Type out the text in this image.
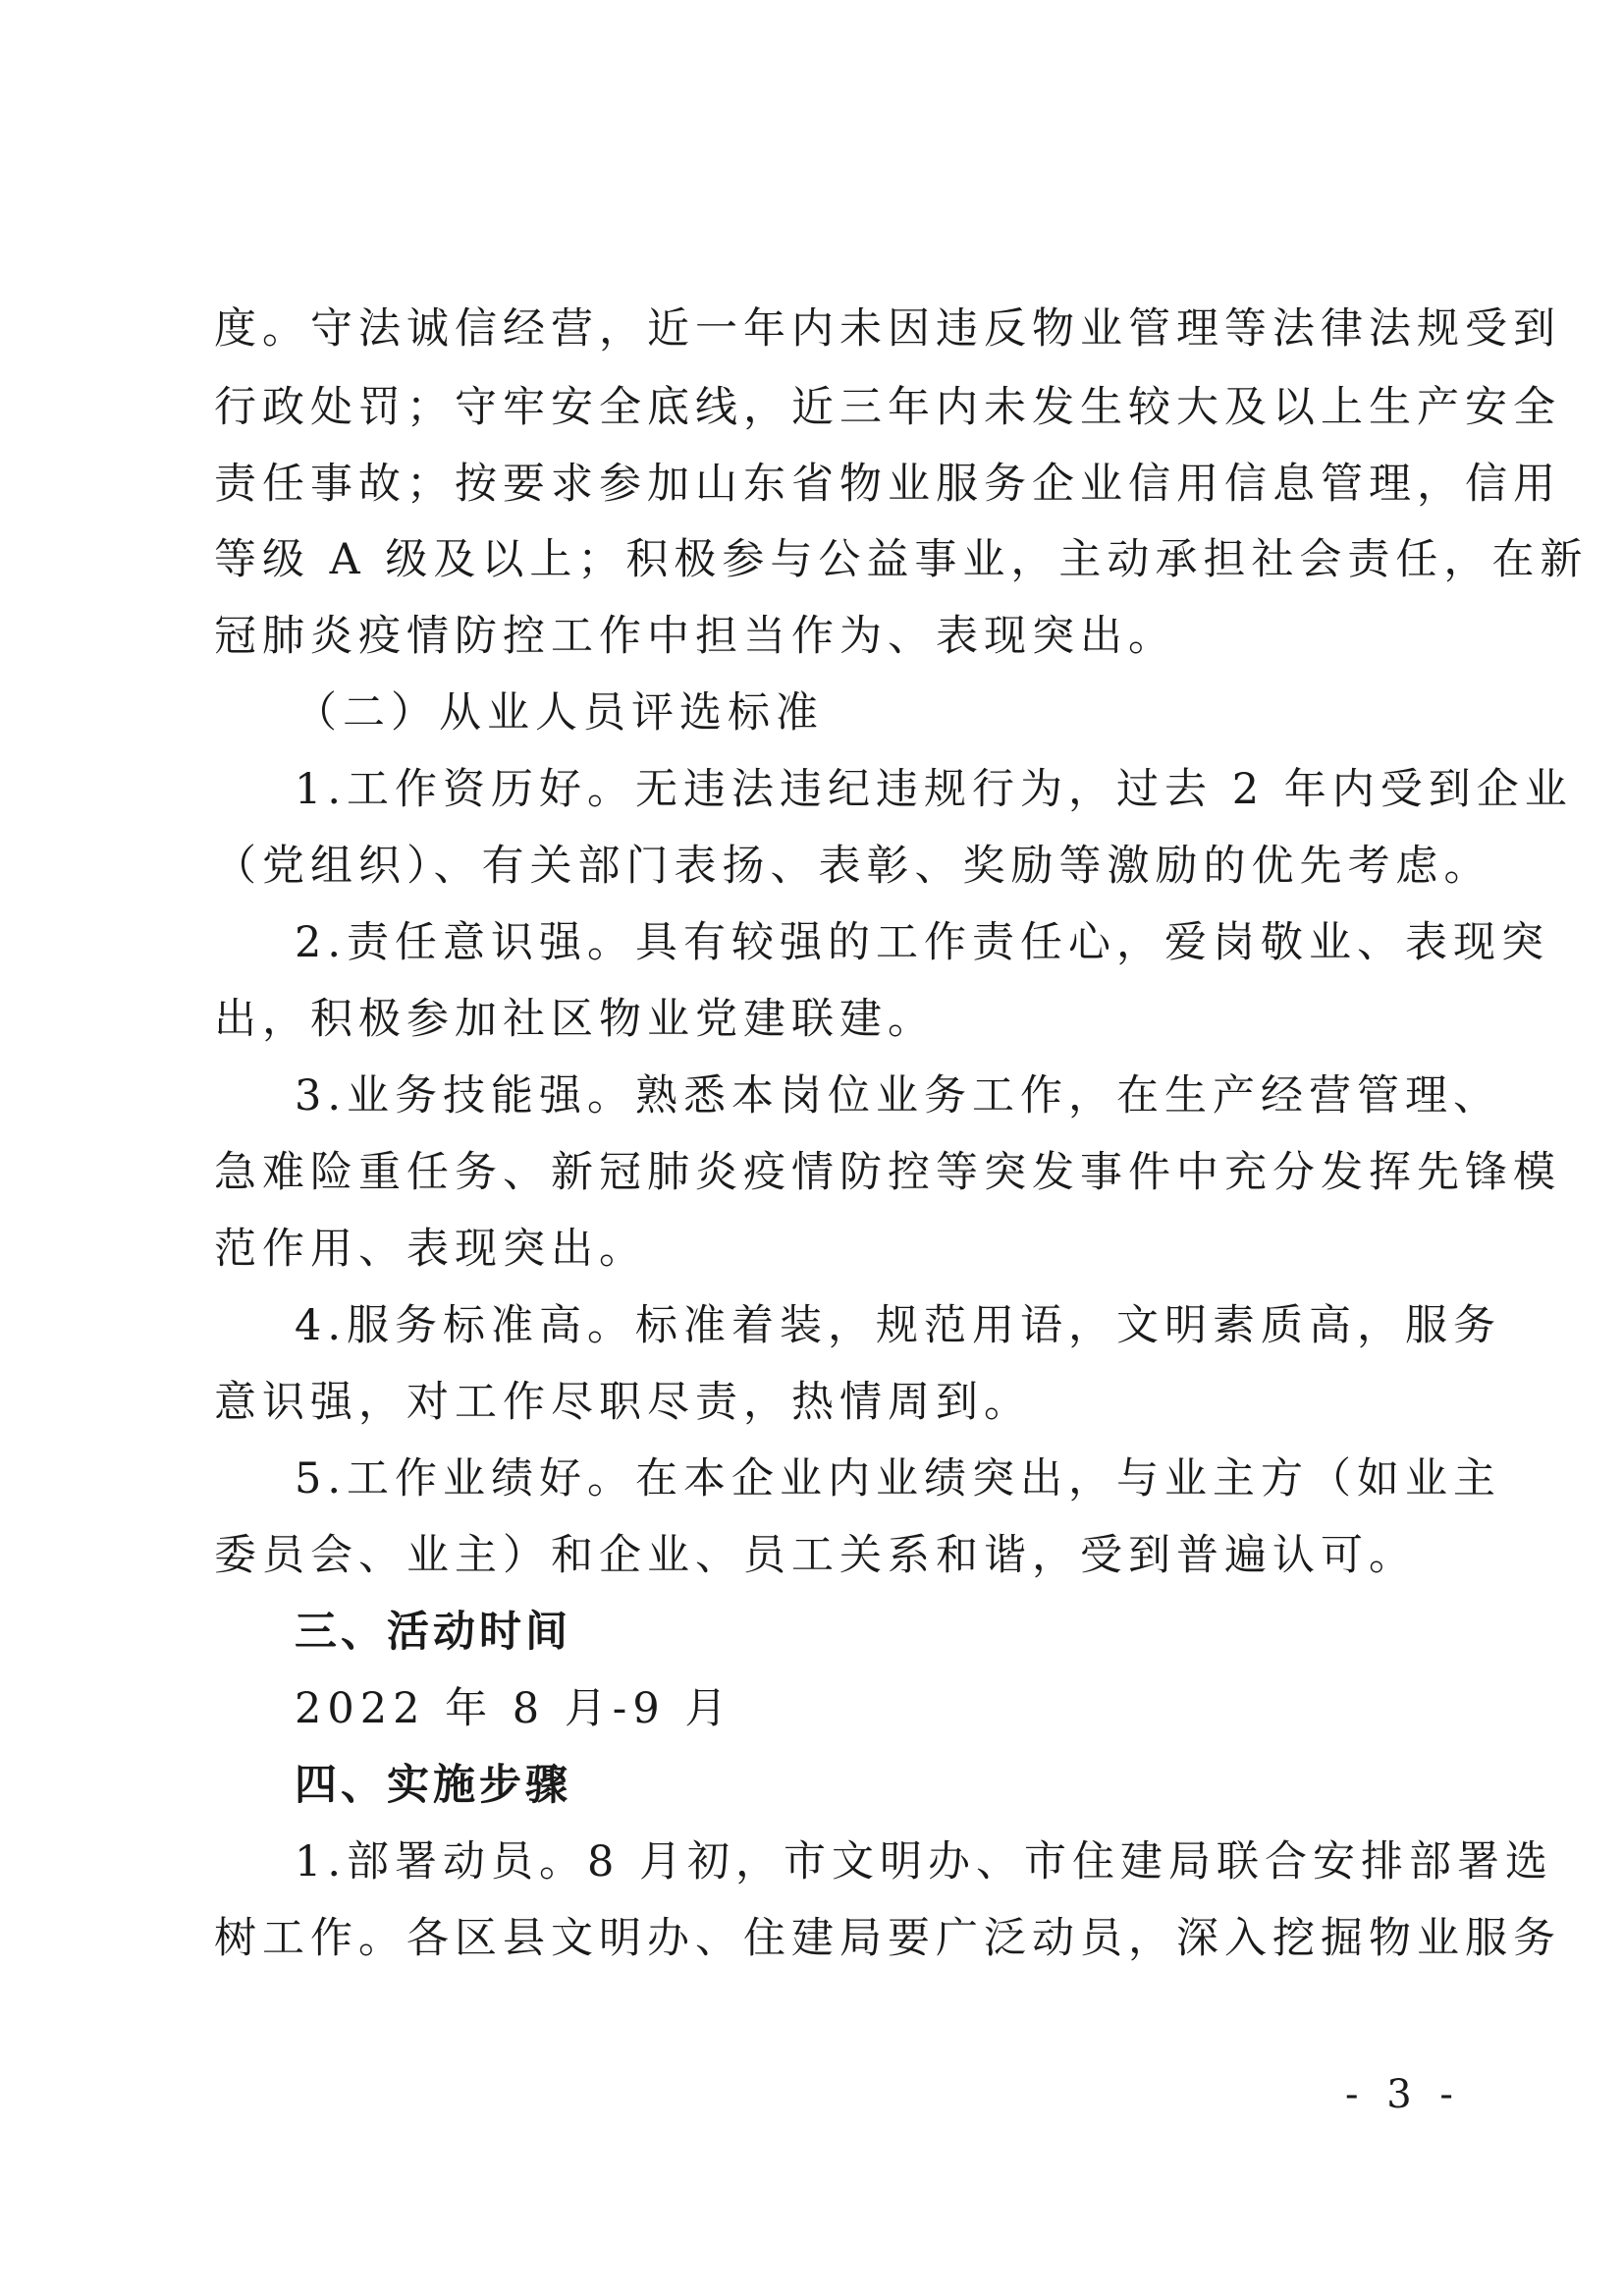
度。守法诚信经营，近一年内未因违反物业管理等法律法规受到
行政处罚；守牢安全底线，近三年内未发生较大及以上生产安全
责任事故；按要求参加山东省物业服务企业信用信息管理，信用
等级 A 级及以上；积极参与公益事业，主动承担社会责任，在新
冠肺炎疫情防控工作中担当作为、表现突出。
（二）从业人员评选标准
1.工作资历好。无违法违纪违规行为，过去 2 年内受到企业
（党组织）、有关部门表扬、表彰、奖励等激励的优先考虑。
2.责任意识强。具有较强的工作责任心，爱岗敬业、表现突
出，积极参加社区物业党建联建。
3.业务技能强。熟悉本岗位业务工作，在生产经营管理、
急难险重任务、新冠肺炎疫情防控等突发事件中充分发挥先锋模
范作用、表现突出。
4.服务标准高。标准着装，规范用语，文明素质高，服务
意识强，对工作尽职尽责，热情周到。
5.工作业绩好。在本企业内业绩突出，与业主方（如业主
委员会、业主）和企业、员工关系和谐，受到普遍认可。
三、活动时间
2022 年 8 月-9 月
四、实施步骤
1.部署动员。8 月初，市文明办、市住建局联合安排部署选
树工作。各区县文明办、住建局要广泛动员，深入挖掘物业服务
- 3 -
